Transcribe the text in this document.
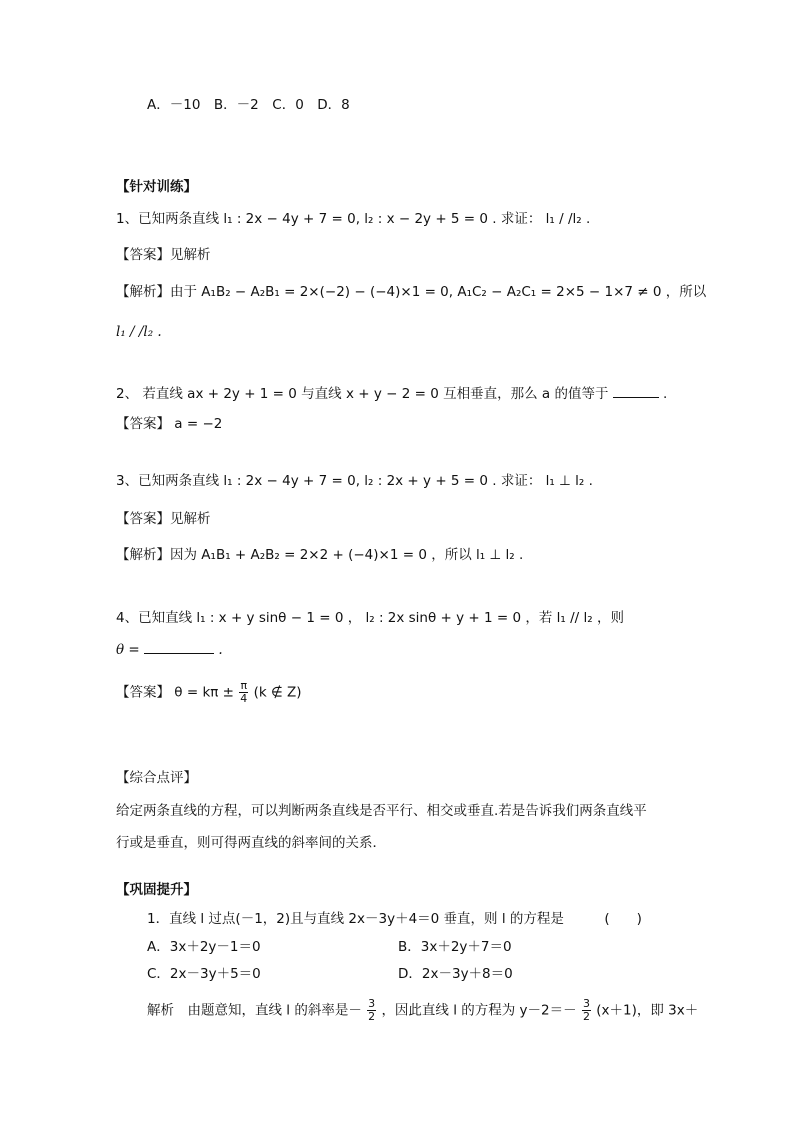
A．－10　B．－2　C．0　D．8
【针对训练】
1、已知两条直线 l₁ : 2x − 4y + 7 = 0, l₂ : x − 2y + 5 = 0 . 求证： l₁ / /l₂ .
【答案】见解析
【解析】由于 A₁B₂ − A₂B₁ = 2×(−2) − (−4)×1 = 0, A₁C₂ − A₂C₁ = 2×5 − 1×7 ≠ 0 ，所以
l₁ / /l₂ .
2、 若直线 ax + 2y + 1 = 0 与直线 x + y − 2 = 0 互相垂直，那么 a 的值等于	.
【答案】 a = −2
3、已知两条直线 l₁ : 2x − 4y + 7 = 0, l₂ : 2x + y + 5 = 0 . 求证： l₁ ⊥ l₂ .
【答案】见解析
【解析】因为 A₁B₁ + A₂B₂ = 2×2 + (−4)×1 = 0 ，所以 l₁ ⊥ l₂ .
4、已知直线 l₁ : x + y sinθ − 1 = 0 ， l₂ : 2x sinθ + y + 1 = 0 ，若 l₁ // l₂ ，则
θ =	.
【答案】 $\theta = k\pi \pm \frac{\pi}{4} (k$ ∉ Z)
【综合点评】
给定两条直线的方程，可以判断两条直线是否平行、相交或垂直.若是告诉我们两条直线平
行或是垂直，则可得两直线的斜率间的关系．
【巩固提升】
1．直线 l 过点(－1，2)且与直线 2x－3y＋4＝0 垂直，则 l 的方程是　　　(　　)
A．3x＋2y－1＝0	B．3x＋2y＋7＝0
C．2x－3y＋5＝0	D．2x－3y＋8＝0
解析　由题意知，直线 l 的斜率是－ $\frac{3}{2}$ ，因此直线 l 的方程为 $y-2=- \frac{3}{2} (x+1)$，即 3x＋
